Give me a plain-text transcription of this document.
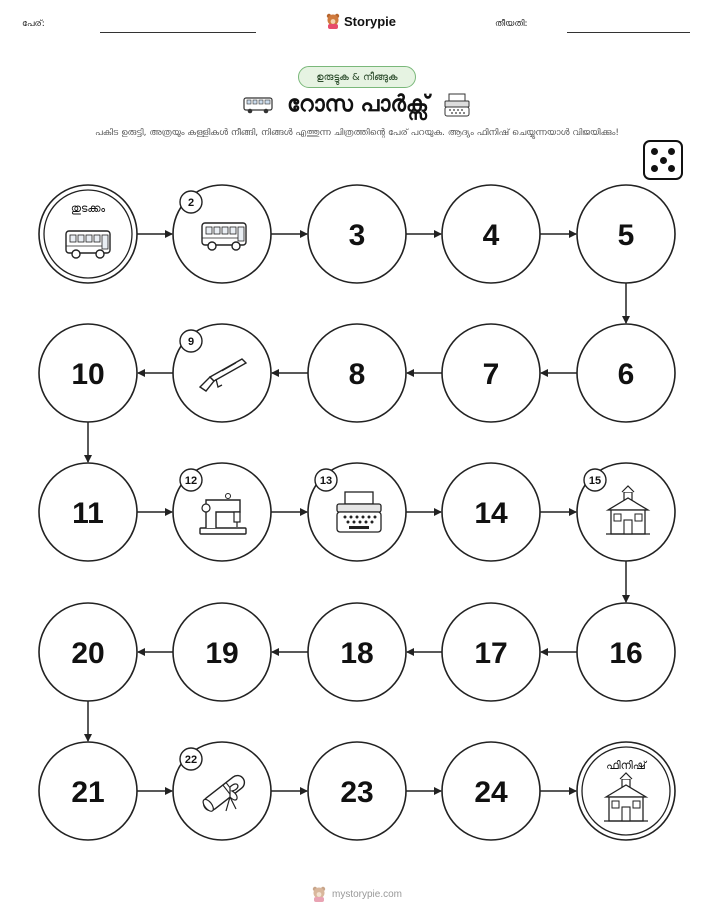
പേര്:	Storypie	തീയതി:
ഉരുട്ടുക & നീങ്ങുക
റോസ പാർക്സ്
പകിട ഉരുട്ടി, അത്രയും കള്ളികൾ നീങ്ങി, നിങ്ങൾ എത്തുന്ന ചിത്രത്തിന്റെ പേര് പറയുക. ആദ്യം ഫിനിഷ് ചെയ്യുന്നയാൾ വിജയിക്കും!
തുടക്കം	2
3	4	5
6
7
8
9
10
11
12	13
14
15
16
17
18
19
20
21
22
23	24
ഫിനിഷ്
mystorypie.com
